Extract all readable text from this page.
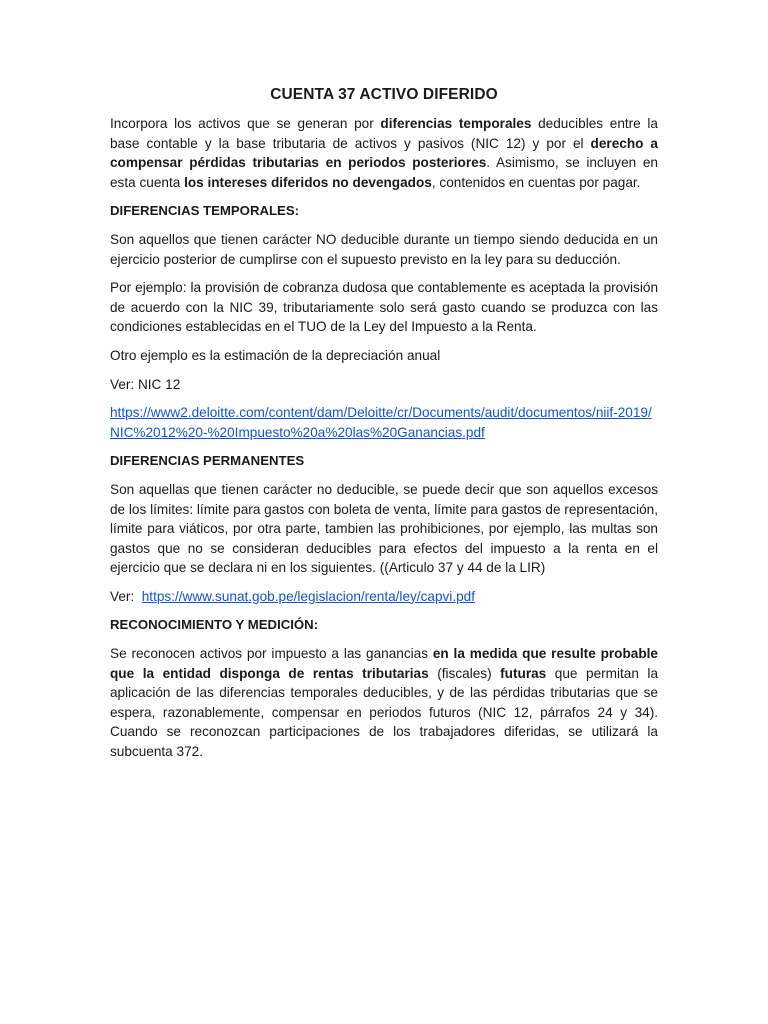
CUENTA 37 ACTIVO DIFERIDO

Incorpora los activos que se generan por diferencias temporales deducibles entre la base contable y la base tributaria de activos y pasivos (NIC 12) y por el derecho a compensar pérdidas tributarias en periodos posteriores. Asimismo, se incluyen en esta cuenta los intereses diferidos no devengados, contenidos en cuentas por pagar.

DIFERENCIAS TEMPORALES:

Son aquellos que tienen carácter NO deducible durante un tiempo siendo deducida en un ejercicio posterior de cumplirse con el supuesto previsto en la ley para su deducción.

Por ejemplo: la provisión de cobranza dudosa que contablemente es aceptada la provisión de acuerdo con la NIC 39, tributariamente solo será gasto cuando se produzca con las condiciones establecidas en el TUO de la Ley del Impuesto a la Renta.

Otro ejemplo es la estimación de la depreciación anual

Ver: NIC 12

https://www2.deloitte.com/content/dam/Deloitte/cr/Documents/audit/documentos/niif-2019/NIC%2012%20-%20Impuesto%20a%20las%20Ganancias.pdf

DIFERENCIAS PERMANENTES

Son aquellas que tienen carácter no deducible, se puede decir que son aquellos excesos de los límites: límite para gastos con boleta de venta, límite para gastos de representación, límite para viáticos, por otra parte, tambien las prohibiciones, por ejemplo, las multas son gastos que no se consideran deducibles para efectos del impuesto a la renta en el ejercicio que se declara ni en los siguientes. ((Articulo 37 y 44 de la LIR)

Ver: https://www.sunat.gob.pe/legislacion/renta/ley/capvi.pdf

RECONOCIMIENTO Y MEDICIÓN:

Se reconocen activos por impuesto a las ganancias en la medida que resulte probable que la entidad disponga de rentas tributarias (fiscales) futuras que permitan la aplicación de las diferencias temporales deducibles, y de las pérdidas tributarias que se espera, razonablemente, compensar en periodos futuros (NIC 12, párrafos 24 y 34). Cuando se reconozcan participaciones de los trabajadores diferidas, se utilizará la subcuenta 372.
